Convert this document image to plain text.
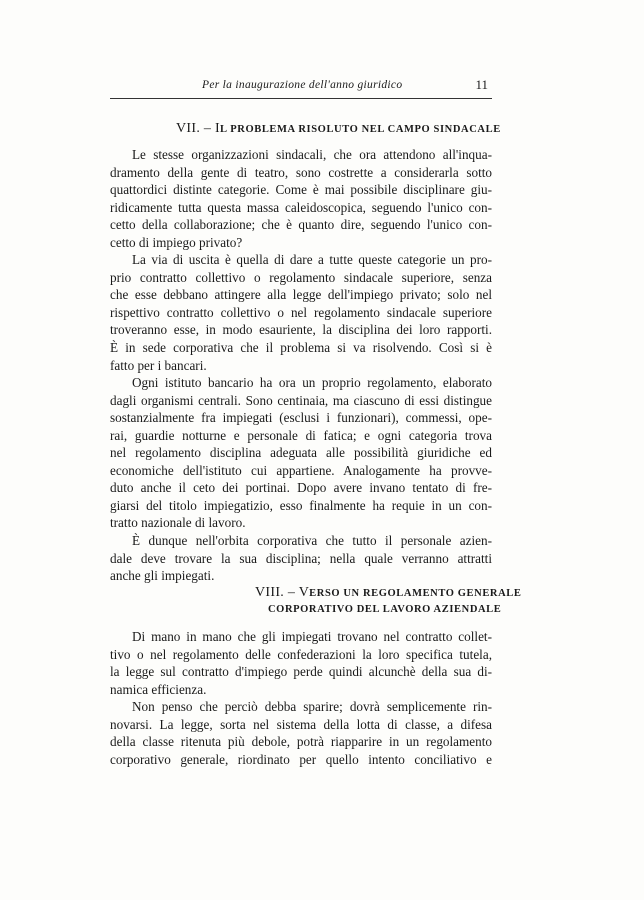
Per la inaugurazione dell'anno giuridico	11
VII. – IL PROBLEMA RISOLUTO NEL CAMPO SINDACALE
Le stesse organizzazioni sindacali, che ora attendono all'inqua-
dramento della gente di teatro, sono costrette a considerarla sotto
quattordici distinte categorie. Come è mai possibile disciplinare giu-
ridicamente tutta questa massa caleidoscopica, seguendo l'unico con-
cetto della collaborazione; che è quanto dire, seguendo l'unico con-
cetto di impiego privato?
La via di uscita è quella di dare a tutte queste categorie un pro-
prio contratto collettivo o regolamento sindacale superiore, senza
che esse debbano attingere alla legge dell'impiego privato; solo nel
rispettivo contratto collettivo o nel regolamento sindacale superiore
troveranno esse, in modo esauriente, la disciplina dei loro rapporti.
È in sede corporativa che il problema si va risolvendo. Così si è
fatto per i bancari.
Ogni istituto bancario ha ora un proprio regolamento, elaborato
dagli organismi centrali. Sono centinaia, ma ciascuno di essi distingue
sostanzialmente fra impiegati (esclusi i funzionari), commessi, ope-
rai, guardie notturne e personale di fatica; e ogni categoria trova
nel regolamento disciplina adeguata alle possibilità giuridiche ed
economiche dell'istituto cui appartiene. Analogamente ha provve-
duto anche il ceto dei portinai. Dopo avere invano tentato di fre-
giarsi del titolo impiegatizio, esso finalmente ha requie in un con-
tratto nazionale di lavoro.
È dunque nell'orbita corporativa che tutto il personale azien-
dale deve trovare la sua disciplina; nella quale verranno attratti
anche gli impiegati.
VIII. – VERSO UN REGOLAMENTO GENERALE
CORPORATIVO DEL LAVORO AZIENDALE
Di mano in mano che gli impiegati trovano nel contratto collet-
tivo o nel regolamento delle confederazioni la loro specifica tutela,
la legge sul contratto d'impiego perde quindi alcunchè della sua di-
namica efficienza.
Non penso che perciò debba sparire; dovrà semplicemente rin-
novarsi. La legge, sorta nel sistema della lotta di classe, a difesa
della classe ritenuta più debole, potrà riapparire in un regolamento
corporativo generale, riordinato per quello intento conciliativo e
